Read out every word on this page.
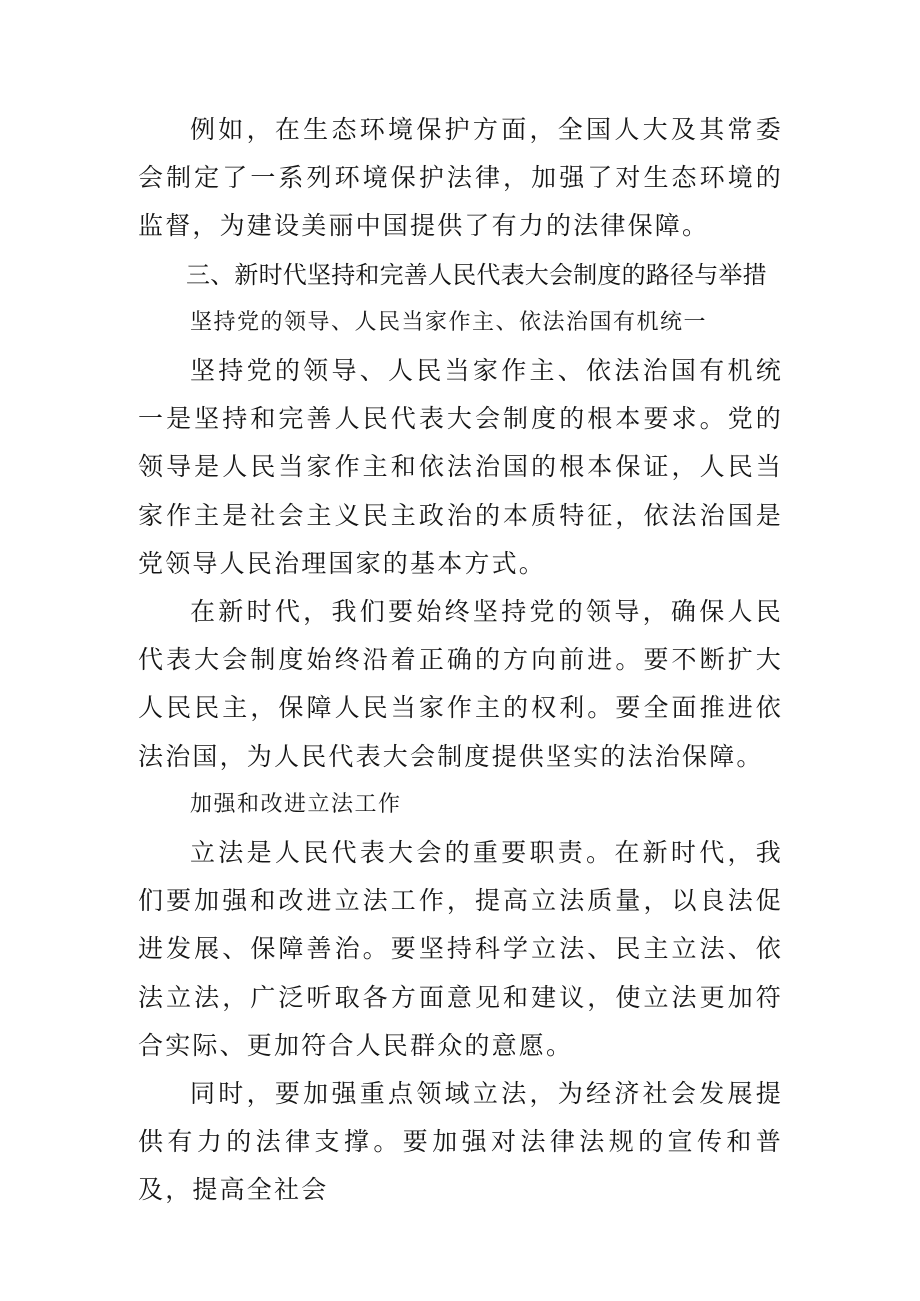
例如，在生态环境保护方面，全国人大及其常委会制定了一系列环境保护法律，加强了对生态环境的监督，为建设美丽中国提供了有力的法律保障。

三、新时代坚持和完善人民代表大会制度的路径与举措

坚持党的领导、人民当家作主、依法治国有机统一

坚持党的领导、人民当家作主、依法治国有机统一是坚持和完善人民代表大会制度的根本要求。党的领导是人民当家作主和依法治国的根本保证，人民当家作主是社会主义民主政治的本质特征，依法治国是党领导人民治理国家的基本方式。

在新时代，我们要始终坚持党的领导，确保人民代表大会制度始终沿着正确的方向前进。要不断扩大人民民主，保障人民当家作主的权利。要全面推进依法治国，为人民代表大会制度提供坚实的法治保障。

加强和改进立法工作

立法是人民代表大会的重要职责。在新时代，我们要加强和改进立法工作，提高立法质量，以良法促进发展、保障善治。要坚持科学立法、民主立法、依法立法，广泛听取各方面意见和建议，使立法更加符合实际、更加符合人民群众的意愿。

同时，要加强重点领域立法，为经济社会发展提供有力的法律支撑。要加强对法律法规的宣传和普及，提高全社会
